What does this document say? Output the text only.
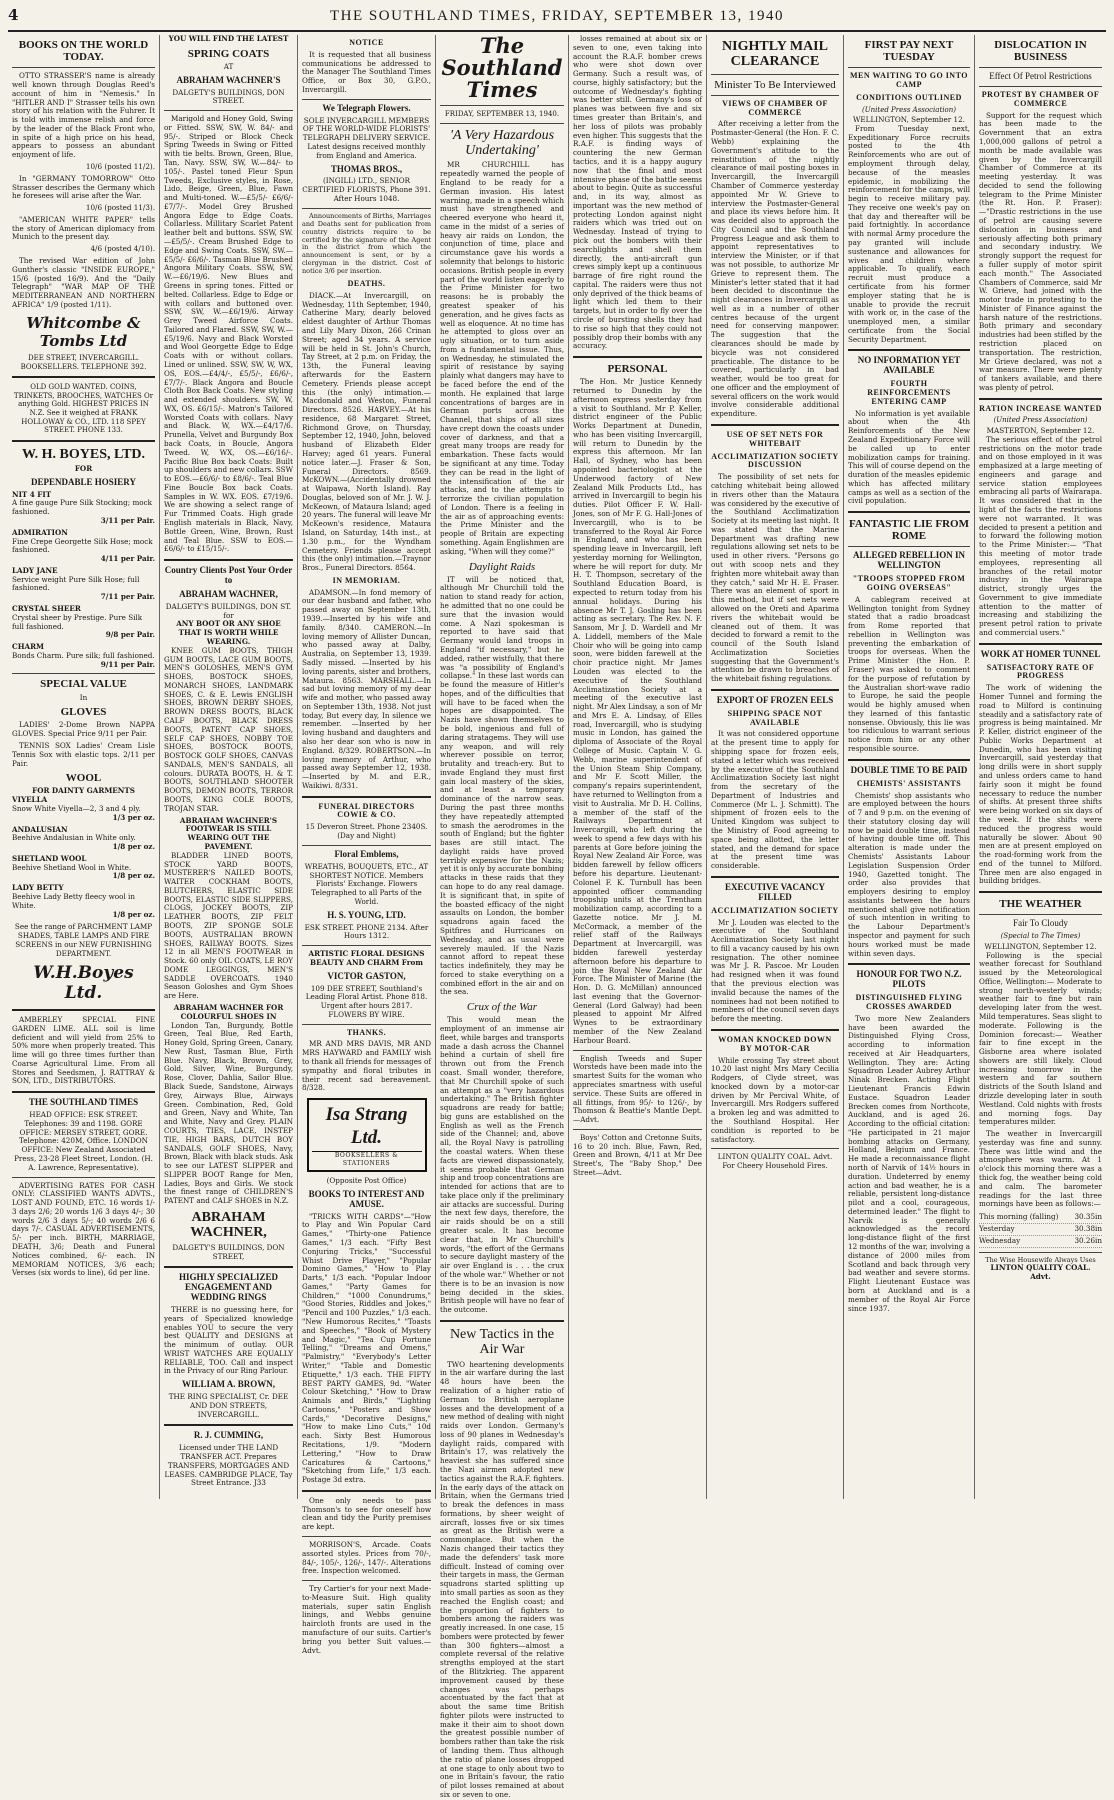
4	THE SOUTHLAND TIMES, FRIDAY, SEPTEMBER 13, 1940
BOOKS ON THE WORLD TODAY.
OTTO STRASSER'S name is already well known through Douglas Reed's account of him in "Nemesis." In "HITLER AND I" Strasser tells his own story of his relation with the Fuhrer. It is told with immense relish and force by the leader of the Black Front who, in spite of a high price on his head, appears to possess an abundant enjoyment of life.
10/6 (posted 11/2).
In "GERMANY TOMORROW" Otto Strasser describes the Germany which he foresees will arise after the War.
10/6 (posted 11/3).
"AMERICAN WHITE PAPER" tells the story of American diplomacy from Munich to the present day.
4/6 (posted 4/10).
The revised War edition of John Gunther's classic "INSIDE EUROPE," 15/6 (posted 16/9). And the "Daily Telegraph" "WAR MAP OF THE MEDITERRANEAN AND NORTHERN AFRICA" 1/9 (posted 1/11).
Whitcombe & Tombs Ltd
DEE STREET, INVERCARGILL. BOOKSELLERS. TELEPHONE 392.
OLD GOLD WANTED. COINS, TRINKETS, BROOCHES, WATCHES Or anything Gold. HIGHEST PRICES IN N.Z. See it weighed at FRANK HOLLOWAY & CO., LTD. 118 SPEY STREET. PHONE 133.
W. H. BOYES, LTD.
FOR
DEPENDABLE HOSIERY
NIT 4 FIT
A fine gauge Pure Silk Stocking; mock fashioned.
3/11 per Pair.
ADMIRATION
Fine Crepe Georgette Silk Hose; mock fashioned.
4/11 per Pair.
LADY JANE
Service weight Pure Silk Hose; full fashioned.
7/11 per Pair.
CRYSTAL SHEER
Crystal sheer by Prestige. Pure Silk full fashioned.
9/8 per Pair.
CHARM
Bonds Charm. Pure silk; full fashioned.
9/11 per Pair.
SPECIAL VALUE
In
GLOVES
LADIES' 2-Dome Brown NAPPA GLOVES. Special Price 9/11 per Pair.
TENNIS SOX Ladies' Cream Lisle Tennis Sox with elastic tops. 2/11 per Pair.
WOOL
FOR DAINTY GARMENTS
VIYELLA
Snow White Viyella—2, 3 and 4 ply.
1/3 per oz.
ANDALUSIAN
Beehive Andalusian in White only.
1/8 per oz.
SHETLAND WOOL
Beehive Shetland Wool in White.
1/8 per oz.
LADY BETTY
Beehive Lady Betty fleecy wool in White.
1/8 per oz.
See the range of PARCHMENT LAMP SHADES, TABLE LAMPS AND FIRE SCREENS in our NEW FURNISHING DEPARTMENT.
W.H.Boyes Ltd.
AMBERLEY SPECIAL FINE GARDEN LIME. ALL soil is lime deficient and will yield from 25% to 50% more when properly treated. This lime will go three times further than Coarse Agricultural Lime. From all Stores and Seedsmen, J. RATTRAY & SON, LTD., DISTRIBUTORS.
THE SOUTHLAND TIMES
HEAD OFFICE: ESK STREET. Telephones: 39 and 1198. GORE OFFICE: MERSEY STREET, GORE. Telephone: 420M, Office. LONDON OFFICE: New Zealand Associated Press, 23-28 Fleet Street, London. (H. A. Lawrence, Representative).
ADVERTISING RATES FOR CASH ONLY: CLASSIFIED WANTS ADVTS., LOST AND FOUND, ETC. 16 words 1/- 3 days 2/6; 20 words 1/6 3 days 4/-; 30 words 2/6 3 days 5/-; 40 words 2/6 6 days 7/-. CASUAL ADVERTISEMENTS, 5/- per inch. BIRTH, MARRIAGE, DEATH, 3/6; Death and Funeral Notices combined, 6/- each. IN MEMORIAM NOTICES, 3/6 each; Verses (six words to line), 6d per line.
YOU WILL FIND THE LATEST
SPRING COATS
AT
ABRAHAM WACHNER'S
DALGETY'S BUILDINGS, DON STREET.
Marigold and Honey Gold, Swing or Fitted. SSW, SW, W. 84/- and 95/-. Striped or Block Check Spring Tweeds in Swing or Fitted with tie belts. Brown, Green, Blue, Tan, Navy. SSW, SW, W.—84/- to 105/-. Pastel toned Fleur Spun Tweeds, Exclusive styles, in Rose, Lido, Beige, Green, Blue, Fawn and Multi-toned. W.—£5/5/- £6/6/- £7/7/-. Model Grey Brushed Angora Edge to Edge Coats. Collarless. Millitary Scarlet Patent leather belt and buttons. SSW, SW.—£5/5/-. Cream Brushed Edge to Edge and Swing Coats. SSW, SW.—£5/5/- £6/6/-. Tasman Blue Brushed Angora Military Coats. SSW, SW, W.—£6/19/6. New Blues and Greens in spring tones. Fitted or belted. Collarless. Edge to Edge or with collars and buttoned over. SSW, SW, W.—£6/19/6. Airway Grey Tweed Airforce Coats. Tailored and Flared. SSW, SW, W.—£5/19/6. Navy and Black Worsted and Wool Georgette Edge to Edge Coats with or without collars. Lined or unlined. SSW, SW, W, WX, OS, EOS.—£4/4/-, £5/5/-, £6/6/-, £7/7/-. Black Angora and Boucle Cloth Box Back Coats. New styling and extended shoulders. SW, W, WX, OS. £6/15/-. Matron's Tailored Worsted Coats with collars. Navy and Black. W, WX.—£4/17/6. Prunella, Velvet and Burgundy Box back Coats, in Boucle, Angora Tweed. W, WX, OS.—£6/16/-. Pacific Blue Box back Coats: Built up shoulders and new collars. SSW to EOS.—£6/6/- to £8/6/-. Teal Blue Fine Boucle Box back Coats. Samples in W. WX. EOS. £7/19/6. We are showing a select range of Fur Trimmed Coats. High grade English materials in Black, Navy, Bottle Green, Wine, Brown, Rust and Teal Blue. SSW to EOS.—£6/6/- to £15/15/-.
Country Clients Post Your Order to
ABRAHAM WACHNER,
DALGETY'S BUILDINGS, DON ST.
for
ANY BOOT OR ANY SHOE THAT IS WORTH WHILE WEARING.
KNEE GUM BOOTS, THIGH GUM BOOTS, LACE GUM BOOTS, MEN'S GOLOSHES, MEN'S GYM SHOES, BOSTOCK SHOES, MONARCH SHOES, LANDMARK SHOES, C. & E. Lewis ENGLISH SHOES, BROWN DERBY SHOES, BROWN DRESS BOOTS, BLACK CALF BOOTS, BLACK DRESS BOOTS, PATENT CAP SHOES, SELF CAP SHOES, NOBBY TOE SHOES, BOSTOCK BOOTS, BOSTOCK GOLF SHOES, CANVAS SANDALS, MEN'S SANDALS, all colours. DURATA BOOTS, H. & T. BOOTS, SOUTHLAND SHOOTER BOOTS, DEMON BOOTS, TERROR BOOTS, KING COLE BOOTS, TROJAN STAR.
ABRAHAM WACHNER'S FOOTWEAR IS STILL WEARING OUT THE PAVEMENT.
BLADDER LINED BOOTS, STOCK YARD BOOTS, MUSTERER'S NAILED BOOTS, WAITER COCKHAM BOOTS, BLUTCHERS, ELASTIC SIDE BOOTS, ELASTIC SIDE SLIPPERS, CLOGS, JOCKEY BOOTS, ZIP LEATHER BOOTS, ZIP FELT BOOTS, ZIP SPONGE SOLE BOOTS, AUSTRALIAN BROWN SHOES, RAILWAY BOOTS. Sizes 12 in all MEN'S FOOTWEAR in Stock. 60 only OIL COATS, LE ROY DOME LEGGINGS, MEN'S SADDLE OVERCOATS. 1940 Season Goloshes and Gym Shoes are Here.
ABRAHAM WACHNER FOR COLOURFUL SHOES IN
London Tan, Burgundy, Bottle Green, Teal Blue, Red Earth, Honey Gold, Spring Green, Canary, New Rust, Tasman Blue, Firth Blue. Navy, Black, Brown, Grey, Gold, Silver, Wine, Burgundy, Rose, Clover, Dahlia, Sailor Blue. Black Suede, Sandstone, Airways Grey, Airways Blue, Airways Green. Combination, Red, Gold and Green, Navy and White, Tan and White, Navy and Grey. PLAIN COURTS, TIES, LACE, INSTEP TIE, HIGH BARS, DUTCH BOY SANDALS, GOLF SHOES, Navy, Brown, Black with black studs. Ask to see our LATEST SLIPPER and SLIPPER BOOT Range for Men, Ladies, Boys and Girls. We stock the finest range of CHILDREN'S PATENT and CALF SHOES in N.Z.
ABRAHAM WACHNER,
DALGETY'S BUILDINGS, DON STREET,
HIGHLY SPECIALIZED ENGAGEMENT AND WEDDING RINGS
THERE is no guessing here, for years of Specialized knowledge enables YOU to secure the very best QUALITY and DESIGNS at the minimum of outlay. OUR WRIST WATCHES ARE EQUALLY RELIABLE, TOO. Call and inspect in the Privacy of our Ring Parlour.
WILLIAM A. BROWN,
THE RING SPECIALIST, Cr. DEE AND DON STREETS, INVERCARGILL.
R. J. CUMMING,
Licensed under THE LAND TRANSFER ACT. Prepares TRANSFERS, MORTGAGES AND LEASES. CAMBRIDGE PLACE, Tay Street Entrance. J33
NOTICE
It is requested that all business communications be addressed to the Manager The Southland Times Office, or Box 30, G.P.O., Invercargill.
We Telegraph Flowers.
SOLE INVERCARGILL MEMBERS OF THE WORLD-WIDE FLORISTS' TELEGRAPH DELIVERY SERVICE. Latest designs received monthly from England and America.
THOMAS BROS.,
(INGILL) LTD., SENIOR CERTIFIED FLORISTS, Phone 391. After Hours 1048.
Announcements of Births, Marriages and Deaths sent for publication from country districts require to be certified by the signature of the Agent in the district from which the announcement is sent, or by a clergyman in the district. Cost of notice 3/6 per insertion.
DEATHS.
DIACK.—At Invercargill, on Wednesday, 11th September, 1940, Catherine Mary, dearly beloved eldest daughter of Arthur Thomas and Lily Mary Dixon, 266 Crinan Street; aged 34 years. A service will be held in St. John's Church, Tay Street, at 2 p.m. on Friday, the 13th, the Funeral leaving afterwards for the Eastern Cemetery. Friends please accept this (the only) intimation.—Macdonald and Weston, Funeral Directors. 8526. HARVEY.—At his residence, 68 Margaret Street, Richmond Grove, on Thursday, September 12, 1940, John, beloved husband of Elizabeth Elder Harvey; aged 61 years. Funeral notice later.—J. Fraser & Son, Funeral Directors. 8569. McKOWN.—(Accidentally drowned at Waipawa, North Island). Ray Douglas, beloved son of Mr. J. W. J. McKeown, of Mataura Island; aged 20 years. The funeral will leave Mr McKeown's residence, Mataura Island, on Saturday, 14th inst., at 1.30 p.m., for the Wyndham Cemetery. Friends please accept this (the only) intimation.—Traynor Bros., Funeral Directors. 8564.
IN MEMORIAM.
ADAMSON.—In fond memory of our dear husband and father, who passed away on September 13th, 1939.—Inserted by his wife and family. 8/340. CAMERON.—In loving memory of Allister Duncan, who passed away at Dalby, Australia, on September 13, 1939. Sadly missed. —Inserted by his loving parents, sister and brothers, Mataura. 8563. MARSHALL.—In sad but loving memory of my dear wife and mother, who passed away on September 13th, 1938. Not just today, But every day, In silence we remember. —Inserted by her loving husband and daughters and also her dear son who is now in England. 8/329. ROBERTSON.—In loving memory of Arthur, who passed away September 12, 1938.—Inserted by M. and E.R., Waikiwi. 8/331.
FUNERAL DIRECTORS COWIE & CO.
15 Deveron Street. Phone 2340S. (Day and Night)
Floral Emblems,
WREATHS, BOUQUETS, ETC., AT SHORTEST NOTICE. Members Florists' Exchange. Flowers Telegraphed to all Parts of the World.
H. S. YOUNG, LTD.
ESK STREET. PHONE 2134. After Hours 1312.
ARTISTIC FLORAL DESIGNS BEAUTY AND CHARM From
VICTOR GASTON,
109 DEE STREET, Southland's Leading Floral Artist. Phone 818. Urgent after hours 2817. FLOWERS BY WIRE.
THANKS.
MR AND MRS DAVIS, MR AND MRS HAYWARD and FAMILY wish to thank all friends for messages of sympathy and floral tributes in their recent sad bereavement. 8/328.
Isa Strang Ltd.
BOOKSELLERS & STATIONERS
(Opposite Post Office)
BOOKS TO INTEREST AND AMUSE.
"TRICKS WITH CARDS"—"How to Play and Win Popular Card Games," "Thirty-one Patience Games," 1/3 each. "Fifty Best Conjuring Tricks," "Successful Whist Drive Player," "Popular Domino Games," "How to Play Darts," 1/3 each. "Popular Indoor Games," "Party Games for Children," "1000 Conundrums," "Good Stories, Riddles and Jokes," "Pencil and 100 Puzzles," 1/3 each. "New Humorous Recites," "Toasts and Speeches," "Book of Mystery and Magic," "Tea Cup Fortune Telling," "Dreams and Omens," "Palmistry," "Everybody's Letter Writer," "Table and Domestic Etiquette," 1/3 each. THE FIFTY BEST PARTY GAMES, 9d. "Water Colour Sketching," "How to Draw Animals and Birds," "Lighting Cartoons," "Posters and Show Cards," "Decorative Designs," "How to make Lino Cuts," 10d each. Sixty Best Humorous Recitations, 1/9. "Modern Lettering," "How to Draw Caricatures & Cartoons," "Sketching from Life," 1/3 each. Postage 3d extra.
One only needs to pass Thomson's to see for oneself how clean and tidy the Purity premises are kept.
MORRISON'S, Arcade. Coats assorted styles. Prices from 70/-, 84/-, 105/-, 126/-, 147/-. Alterations free. Inspection welcomed.
Try Cartier's for your next Made-to-Measure Suit. High quality materials, super satin English linings, and Webbs genuine haircloth fronts are used in the manufacture of our suits. Cartier's bring you better Suit values.—Advt.
The Southland Times
FRIDAY, SEPTEMBER 13, 1940.
'A Very Hazardous Undertaking'
MR CHURCHILL has repeatedly warned the people of England to be ready for a German invasion. His latest warning, made in a speech which must have strengthened and cheered everyone who heard it, came in the midst of a series of heavy air raids on London, the conjunction of time, place and circumstance gave his words a solemnity that belongs to historic occasions. British people in every part of the world listen eagerly to the Prime Minister for two reasons: he is probably the greatest speaker of his generation, and he gives facts as well as eloquence. At no time has he attempted to gloss over an ugly situation, or to turn aside from a fundamental issue. Thus, on Wednesday, he stimulated the spirit of resistance by saying plainly what dangers may have to be faced before the end of the month. He explained that large concentrations of barges are in German ports across the Channel, that ships of all sizes have crept down the coasts under cover of darkness, and that a great many troops are ready for embarkation. These facts would be significant at any time. Today they can be read in the light of the intensification of the air attacks, and to the attempts to terrorize the civilian population of London. There is a feeling in the air as of approaching events: the Prime Minister and the people of Britain are expecting something. Again Englishmen are asking, "When will they come?"
Daylight Raids
IT will be noticed that, although Mr Churchill told the nation to stand ready for action, he admitted that no one could be sure that the invasion would come. A Nazi spokesman is reported to have said that Germany would land troops in England "if necessary," but he added, rather wistfully, that there was "a possibility of England's collapse." In these last words can be found the measure of Hitler's hopes, and of the difficulties that will have to be faced when the hopes are disappointed. The Nazis have shown themselves to be bold, ingenious and full of daring stratagems. They will use any weapon, and will rely wherever possible on terror, brutality and treach-ery. But to invade England they must first gain local mastery of the skies, and at least a temporary dominance of the narrow seas. During the past three months they have repeatedly attempted to smash the aerodromes in the south of England; but the fighter bases are still intact. The daylight raids have proved terribly expensive for the Nazis; yet it is only by accurate bombing attacks in these raids that they can hope to do any real damage. It is significant that, in spite of the boasted efficacy of the night assaults on London, the bomber squadrons again faced the Spitfires and Hurricanes on Wednesday, and as usual were severely mauled. If the Nazis cannot afford to repeat these tactics indefinitely, they may be forced to stake everything on a combined effort in the air and on the sea.
Crux of the War
This would mean the employment of an immense air fleet, while barges and transports made a dash across the Channel behind a curtain of shell fire thrown out from the French coast. Small wonder, therefore, that Mr Churchill spoke of such an attempt as a "very hazardous undertaking." The British fighter squadrons are ready for battle; big guns are established on the English as well as the French side of the Channel; and, above all, the Royal Navy is patrolling the coastal waters. When these facts are viewed dispassionately, it seems probable that German ship and troop concentrations are intended for actions that are to take place only if the preliminary air attacks are successful. During the next few days, therefore, the air raids should be on a still greater scale. It has become clear that, in Mr Churchill's words, "the effort of the Germans to secure daylight mastery of the air over England is . . . the crux of the whole war." Whether or not there is to be an invasion is now being decided in the skies. British people will have no fear of the outcome.
New Tactics in the Air War
TWO heartening developments in the air warfare during the last 48 hours have been the realization of a higher ratio of German to British aeroplane losses and the development of a new method of dealing with night raids over London. Germany's loss of 90 planes in Wednesday's daylight raids, compared with Britain's 17, was relatively the heaviest she has suffered since the Nazi airmen adopted new tactics against the R.A.F. fighters. In the early days of the attack on Britain, when the Germans tried to break the defences in mass formations, by sheer weight of aircraft, losses five or six times as great as the British were a commonplace. But when the Nazis changed their tactics they made the defenders' task more difficult. Instead of coming over their targets in mass, the German squadrons started splitting up into small parties as soon as they reached the English coast; and the proportion of fighters to bombers among the raiders was greatly increased. In one case, 15 bombers were protected by fewer than 300 fighters—almost a complete reversal of the relative strengths employed at the start of the Blitzkrieg. The apparent improvement caused by these changes was perhaps accentuated by the fact that at about the same time British fighter pilots were instructed to make it their aim to shoot down the greatest possible number of bombers rather than take the risk of landing them. Thus although the ratio of plane losses dropped at one stage to only about two to one in Britain's favour, the ratio of pilot losses remained at about six or seven to one.
losses remained at about six or seven to one, even taking into account the R.A.F. bomber crews who were shot down over Germany. Such a result was, of course, highly satisfactory; but the outcome of Wednesday's fighting was better still. Germany's loss of planes was between five and six times greater than Britain's, and her loss of pilots was probably even higher. This suggests that the R.A.F. is finding ways of countering the new German tactics, and it is a happy augury now that the final and most intensive phase of the battle seems about to begin. Quite as successful and, in its way, almost as important was the new method of protecting London against night raiders which was tried out on Wednesday. Instead of trying to pick out the bombers with their searchlights and shell them directly, the anti-aircraft gun crews simply kept up a continuous barrage of fire right round the capital. The raiders were thus not only deprived of the thick beams of light which led them to their targets, but in order to fly over the circle of bursting shells they had to rise so high that they could not possibly drop their bombs with any accuracy.
PERSONAL
The Hon. Mr Justice Kennedy returned to Dunedin by the afternoon express yesterday from a visit to Southland. Mr P. Keller, district engineer of the Public Works Department at Dunedin, who has been visiting Invercargill, will return to Dunedin by the express this afternoon. Mr Ian Hall, of Sydney, who has been appointed bacteriologist at the Underwood factory of New Zealand Milk Products Ltd., has arrived in Invercargill to begin his duties. Pilot Officer F. W. Hall-Jones, son of Mr F. G. Hall-Jones of Invercargill, who is to be transferred to the Royal Air Force in England, and who has been spending leave in Invercargill, left yesterday morning for Wellington, where he will report for duty. Mr H. T. Thompson, secretary of the Southland Education Board, is expected to return today from his annual holidays. During his absence Mr T. J. Gosling has been acting as secretary. The Rev. N. F. Sansom, Mr J. D. Wardell and Mr A. Liddell, members of the Male Choir who will be going into camp soon, were bidden farewell at the choir practice night. Mr James Louden was elected to the executive of the Southland Acclimatization Society at a meeting of the executive last night. Mr Alex Lindsay, a son of Mr and Mrs E. A. Lindsay, of Elles road, Invercargill, who is studying music in London, has gained the diploma of Associate of the Royal College of Music. Captain V. G. Webb, marine superintendent of the Union Steam Ship Company, and Mr F. Scott Miller, the company's repairs superintendent, have returned to Wellington from a visit to Australia. Mr D. H. Collins, a member of the staff of the Railways Department at Invercargill, who left during the week to spend a few days with his parents at Gore before joining the Royal New Zealand Air Force, was bidden farewell by fellow officers before his departure. Lieutenant-Colonel F. K. Turnbull has been appointed officer commanding troopship units at the Trentham mobilization camp, according to a Gazette notice. Mr J. M. McCormack, a member of the relief staff of the Railways Department at Invercargill, was bidden farewell yesterday afternoon before his departure to join the Royal New Zealand Air Force. The Minister of Marine (the Hon. D. G. McMillan) announced last evening that the Governor-General (Lord Galway) had been pleased to appoint Mr Alfred Wynes to be extraordinary member of the New Zealand Harbour Board.
English Tweeds and Super Worsteds have been made into the smartest Suits for the woman who appreciates smartness with useful service. These Suits are offered in all fittings, from 95/- to 126/-, by Thomson & Beattie's Mantle Dept.—Advt.
Boys' Cotton and Cretonne Suits, 16 to 20 inch. Blue, Fawn, Red, Green and Brown, 4/11 at Mr Dee Street's, The "Baby Shop," Dee Street—Advt.
NIGHTLY MAIL CLEARANCE
Minister To Be Interviewed
VIEWS OF CHAMBER OF COMMERCE
After receiving a letter from the Postmaster-General (the Hon. F. C. Webb) explaining the Government's attitude to the reinstitution of the nightly clearance of mail posting boxes in Invercargill, the Invercargill Chamber of Commerce yesterday appointed Mr W. Grieve to interview the Postmaster-General and place its views before him. It was decided also to approach the City Council and the Southland Progress League and ask them to appoint representatives to interview the Minister, or if that was not possible, to authorize Mr Grieve to represent them. The Minister's letter stated that it had been decided to discontinue the night clearances in Invercargill as well as in a number of other centres because of the urgent need for conserving manpower. The suggestion that the clearances should be made by bicycle was not considered practicable. The distance to be covered, particularly in bad weather, would be too great for one officer and the employment of several officers on the work would involve considerable additional expenditure.
USE OF SET NETS FOR WHITEBAIT
ACCLIMATIZATION SOCIETY DISCUSSION
The possibility of set nets for catching whitebait being allowed in rivers other than the Mataura was considered by the executive of the Southland Acclimatization Society at its meeting last night. It was stated that the Marine Department was drafting new regulations allowing set nets to be used in other rivers. "Persons go out with scoop nets and they frighten more whitebait away than they catch," said Mr H. E. Fraser. There was an element of sport in this method, but if set nets were allowed on the Oreti and Aparima rivers the whitebait would be cleaned out of them. It was decided to forward a remit to the council of the South Island Acclimatization Societies suggesting that the Government's attention be drawn to breaches of the whitebait fishing regulations.
EXPORT OF FROZEN EELS
SHIPPING SPACE NOT AVAILABLE
It was not considered opportune at the present time to apply for shipping space for frozen eels, stated a letter which was received by the executive of the Southland Acclimatization Society last night from the secretary of the Department of Industries and Commerce (Mr L. J. Schmitt). The shipment of frozen eels to the United Kingdom was subject to the Ministry of Food agreeing to space being allotted, the letter stated, and the demand for space at the present time was considerable.
EXECUTIVE VACANCY FILLED
ACCLIMATIZATION SOCIETY
Mr J. Louden was elected to the executive of the Southland Acclimatization Society last night to fill a vacancy caused by his own resignation. The other nominee was Mr J. R. Pascoe. Mr Louden had resigned when it was found that the previous election was invalid because the names of the nominees had not been notified to members of the council seven days before the meeting.
WOMAN KNOCKED DOWN BY MOTOR-CAR
While crossing Tay street about 10.20 last night Mrs Mary Cecilia Rodgers, of Clyde street, was knocked down by a motor-car driven by Mr Percival White, of Invercargill. Mrs Rodgers suffered a broken leg and was admitted to the Southland Hospital. Her condition is reported to be satisfactory.
LINTON QUALITY COAL. Advt. For Cheery Household Fires.
FIRST PAY NEXT TUESDAY
MEN WAITING TO GO INTO CAMP
CONDITIONS OUTLINED
(United Press Association)
WELLINGTON, September 12.
From Tuesday next, Expeditionary Force recruits posted to the 4th Reinforcements who are out of employment through delay, because of the measles epidemic, in mobilizing the reinforcement for the camps, will begin to receive military pay. They receive one week's pay on that day and thereafter will be paid fortnightly. In accordance with normal Army procedure the pay granted will include sustenance and allowances for wives and children where applicable. To qualify, each recruit must produce a certificate from his former employer stating that he is unable to provide the recruit with work or, in the case of the unemployed men, a similar certificate from the Social Security Department.
NO INFORMATION YET AVAILABLE
FOURTH REINFORCEMENTS ENTERING CAMP
No information is yet available about when the 4th Reinforcements of the New Zealand Expeditionary Force will be called up to enter mobilization camps for training. This will of course depend on the duration of the measles epidemic which has affected military camps as well as a section of the civil population.
FANTASTIC LIE FROM ROME
ALLEGED REBELLION IN WELLINGTON
"TROOPS STOPPED FROM GOING OVERSEAS"
A cablegram received at Wellington tonight from Sydney stated that a radio broadcast from Rome reported that rebellion in Wellington was preventing the embarkation of troops for overseas. When the Prime Minister (the Hon. P. Fraser) was asked to comment for the purpose of refutation by the Australian short-wave radio to Europe, he said the people would be highly amused when they learned of this fantastic nonsense. Obviously, this lie was too ridiculous to warrant serious notice from him or any other responsible source.
DOUBLE TIME TO BE PAID
CHEMISTS' ASSISTANTS
Chemists' shop assistants who are employed between the hours of 7 and 9 p.m. on the evening of their statutory closing day will now be paid double time, instead of having double time off. This alteration is made under the Chemists' Assistants Labour Legislation Suspension Order 1940, Gazetted tonight. The order also provides that employers desiring to employ assistants between the hours mentioned shall give notification of such intention in writing to the Labour Department's inspector and payment for such hours worked must be made within seven days.
HONOUR FOR TWO N.Z. PILOTS
DISTINGUISHED FLYING CROSSES AWARDED
Two more New Zealanders have been awarded the Distinguished Flying Cross, according to information received at Air Headquarters, Wellington. They are: Acting Squadron Leader Aubrey Arthur Ninak Brecken. Acting Flight Lieutenant Francis Edwin Eustace. Squadron Leader Brecken comes from Northcote, Auckland, and is aged 26. According to the official citation: "He participated in 21 major bombing attacks on Germany, Holland, Belgium and France. He made a reconnaissance flight north of Narvik of 14½ hours in duration. Undeterred by enemy action and bad weather, he is a reliable, persistent long-distance pilot and a cool, courageous, determined leader." The flight to Narvik is generally acknowledged as the record long-distance flight of the first 12 months of the war, involving a distance of 2000 miles from Scotland and back through very bad weather and severe storms. Flight Lieutenant Eustace was born at Auckland and is a member of the Royal Air Force since 1937.
DISLOCATION IN BUSINESS
Effect Of Petrol Restrictions
PROTEST BY CHAMBER OF COMMERCE
Support for the request which has been made to the Government that an extra 1,000,000 gallons of petrol a month be made available was given by the Invercargill Chamber of Commerce at its meeting yesterday. It was decided to send the following telegram to the Prime Minister (the Rt. Hon. P. Fraser):—"Drastic restrictions in the use of petrol are causing severe dislocation in business and seriously affecting both primary and secondary industry. We strongly support the request for a fuller supply of motor spirit each month." The Associated Chambers of Commerce, said Mr W. Grieve, had joined with the motor trade in protesting to the Minister of Finance against the harsh nature of the restrictions. Both primary and secondary industries had been stifled by the restriction placed on transportation. The restriction, Mr Grieve declared, was not a war measure. There were plenty of tankers available, and there was plenty of petrol.
RATION INCREASE WANTED
(United Press Association)
MASTERTON, September 12.
The serious effect of the petrol restrictions on the motor trade and on those employed in it was emphasized at a large meeting of engineers and garage and service station employees embracing all parts of Wairarapa. It was considered that in the light of the facts the restrictions were not warranted. It was decided to present a petition and to forward the following motion to the Prime Minister:— "That this meeting of motor trade employees, representing all branches of the retail motor industry in the Wairarapa district, strongly urges the Government to give immediate attention to the matter of increasing and stabilizing the present petrol ration to private and commercial users."
WORK AT HOMER TUNNEL
SATISFACTORY RATE OF PROGRESS
The work of widening the Homer Tunnel and forming the road to Milford is continuing steadily and a satisfactory rate of progress is being maintained. Mr P. Keller, district engineer of the Public Works Department at Dunedin, who has been visiting Invercargill, said yesterday that long drills were in short supply and unless orders came to hand fairly soon it might be found necessary to reduce the number of shifts. At present three shifts were being worked on six days of the week. If the shifts were reduced the progress would naturally be slower. About 90 men are at present employed on the road-forming work from the end of the tunnel to Milford. Three men are also engaged in building bridges.
THE WEATHER
Fair To Cloudy
(Special to The Times)
WELLINGTON, September 12.
Following is the special weather forecast for Southland issued by the Meteorological Office, Wellington:— Moderate to strong north-westerly winds; weather fair to fine but rain developing later from the west. Mild temperatures. Seas slight to moderate. Following is the Dominion forecast:— Weather fair to fine except in the Gisborne area where isolated showers are still likely. Cloud increasing tomorrow in the western and far southern districts of the South Island and drizzle developing later in south Westland. Cold nights with frosts and morning fogs. Day temperatures milder.
The weather in Invercargill yesterday was fine and sunny. There was little wind and the atmosphere was warm. At 1 o'clock this morning there was a thick fog, the weather being cold and calm. The barometer readings for the last three mornings have been as follows:—
This morning (falling) 30.35in
Yesterday	30.38in
Wednesday	30.26in
The Wise Housewife Always Uses
LINTON QUALITY COAL. Advt.
